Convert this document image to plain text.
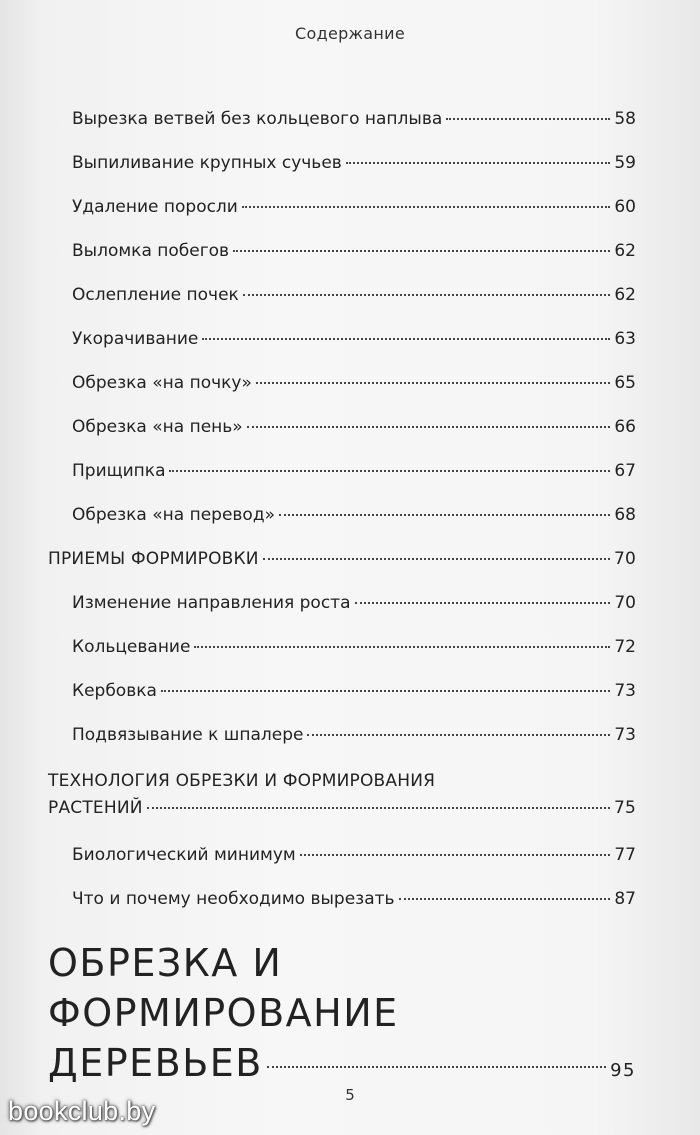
Содержание
Вырезка ветвей без кольцевого наплыва	58
Выпиливание крупных сучьев	59
Удаление поросли	60
Выломка побегов	62
Ослепление почек	62
Укорачивание	63
Обрезка «на почку»	65
Обрезка «на пень»	66
Прищипка	67
Обрезка «на перевод»	68
ПРИЕМЫ ФОРМИРОВКИ	70
Изменение направления роста	70
Кольцевание	72
Кербовка	73
Подвязывание к шпалере	73
ТЕХНОЛОГИЯ ОБРЕЗКИ И ФОРМИРОВАНИЯ
РАСТЕНИЙ	75
Биологический минимум	77
Что и почему необходимо вырезать	87
ОБРЕЗКА И ФОРМИРОВАНИЕ
ДЕРЕВЬЕВ	95
5
bookclub.by
